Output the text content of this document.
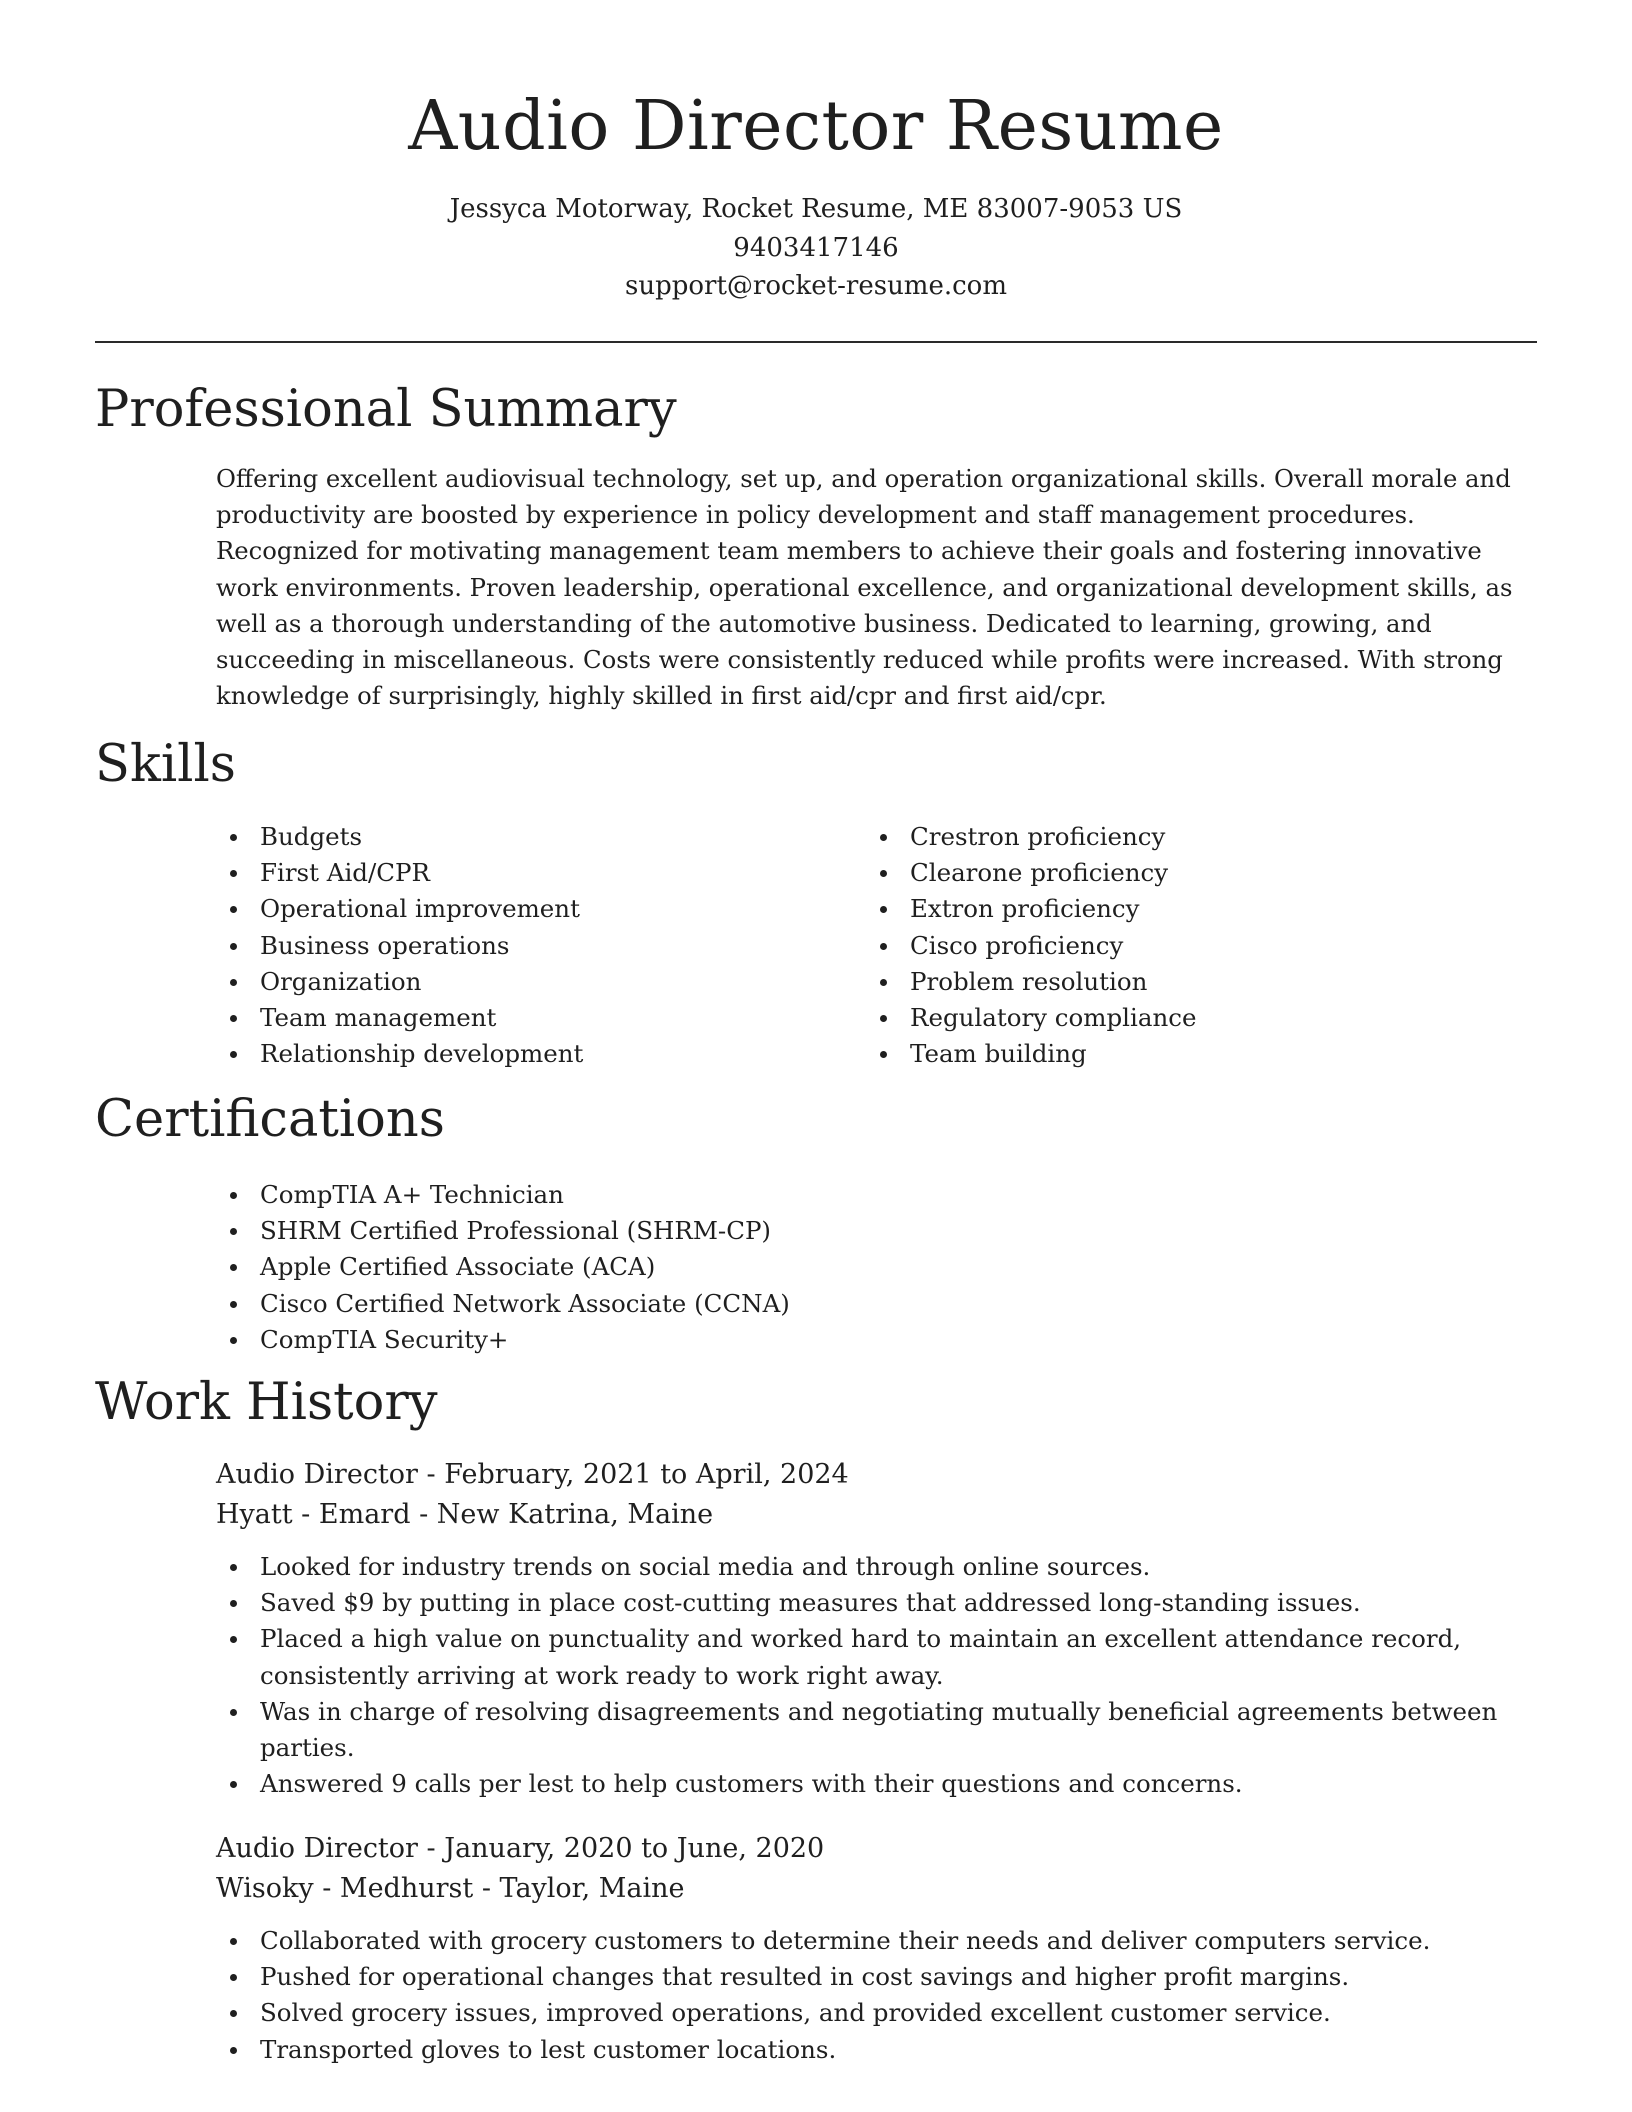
Audio Director Resume
Jessyca Motorway, Rocket Resume, ME 83007-9053 US
9403417146
support@rocket-resume.com
Professional Summary

Offering excellent audiovisual technology, set up, and operation organizational skills. Overall morale and productivity are boosted by experience in policy development and staff management procedures. Recognized for motivating management team members to achieve their goals and fostering innovative work environments. Proven leadership, operational excellence, and organizational development skills, as well as a thorough understanding of the automotive business. Dedicated to learning, growing, and succeeding in miscellaneous. Costs were consistently reduced while profits were increased. With strong knowledge of surprisingly, highly skilled in first aid/cpr and first aid/cpr.

Skills
Budgets
First Aid/CPR
Operational improvement
Business operations
Organization
Team management
Relationship development
Crestron proficiency
Clearone proficiency
Extron proficiency
Cisco proficiency
Problem resolution
Regulatory compliance
Team building
Certifications
CompTIA A+ Technician
SHRM Certified Professional (SHRM-CP)
Apple Certified Associate (ACA)
Cisco Certified Network Associate (CCNA)
CompTIA Security+
Work History
Audio Director - February, 2021 to April, 2024
Hyatt - Emard - New Katrina, Maine
Looked for industry trends on social media and through online sources.
Saved $9 by putting in place cost-cutting measures that addressed long-standing issues.
Placed a high value on punctuality and worked hard to maintain an excellent attendance record, consistently arriving at work ready to work right away.
Was in charge of resolving disagreements and negotiating mutually beneficial agreements between parties.
Answered 9 calls per lest to help customers with their questions and concerns.
Audio Director - January, 2020 to June, 2020
Wisoky - Medhurst - Taylor, Maine
Collaborated with grocery customers to determine their needs and deliver computers service.
Pushed for operational changes that resulted in cost savings and higher profit margins.
Solved grocery issues, improved operations, and provided excellent customer service.
Transported gloves to lest customer locations.
